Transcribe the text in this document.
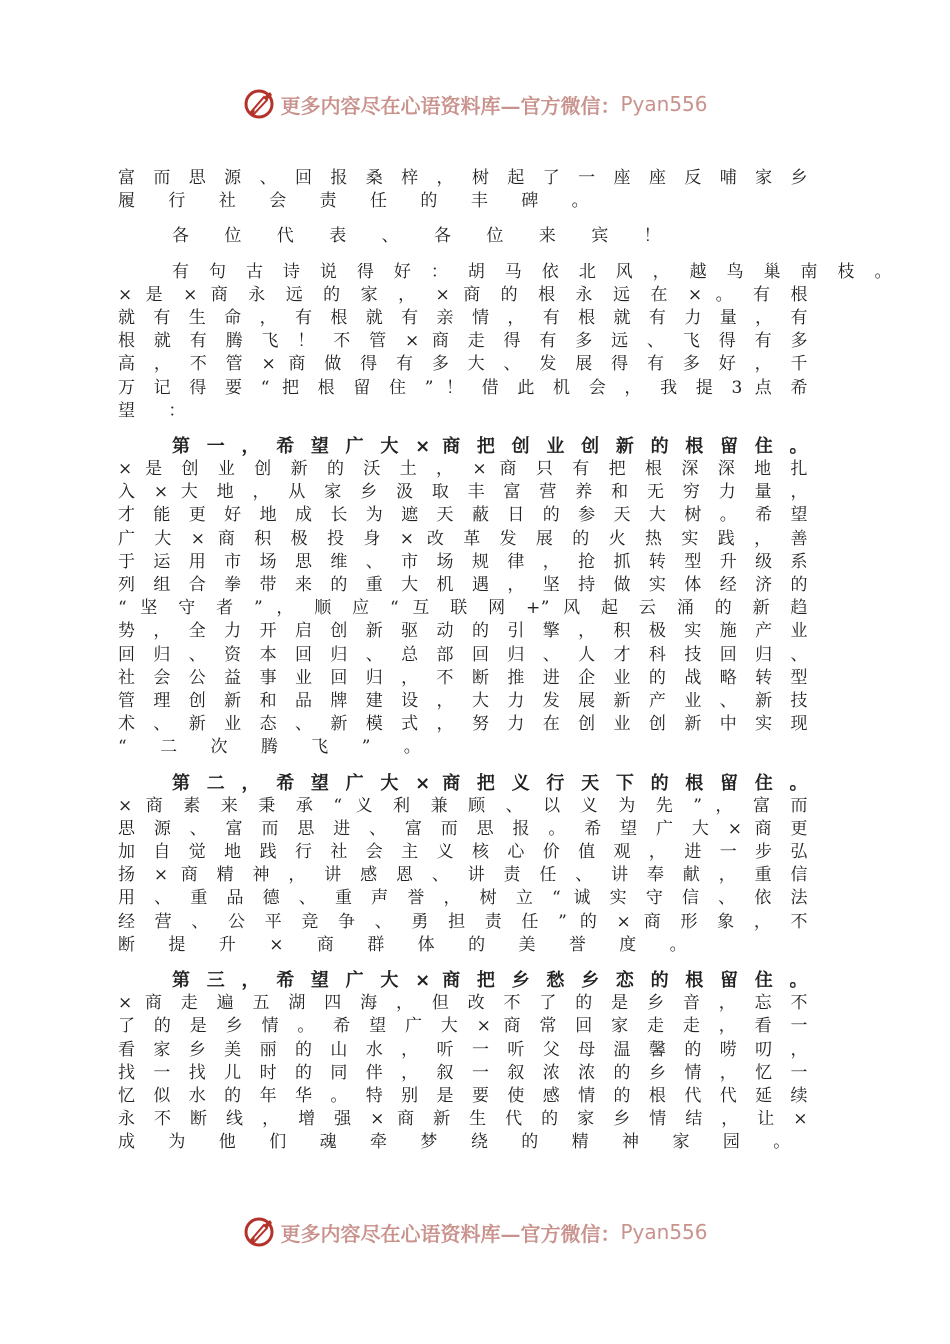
更多内容尽在心语资料库—官方微信： Pyan556
富 而 思 源 、 回 报 桑 梓 ， 树 起 了 一 座 座 反 哺 家 乡
履 行 社 会 责 任 的 丰 碑 。
各 位 代 表 、 各 位 来 宾 ！
有 句 古 诗 说 得 好 ： 胡 马 依 北 风 ， 越 鸟 巢 南 枝 。
× 是 × 商 永 远 的 家 ， × 商 的 根 永 远 在 × 。 有 根
就 有 生 命 ， 有 根 就 有 亲 情 ， 有 根 就 有 力 量 ， 有
根 就 有 腾 飞 ！ 不 管 × 商 走 得 有 多 远 、 飞 得 有 多
高 ， 不 管 × 商 做 得 有 多 大 、 发 展 得 有 多 好 ， 千
万 记 得 要 “ 把 根 留 住 ” ！ 借 此 机 会 ， 我 提 3 点 希
望 ：
第 一 ， 希 望 广 大 × 商 把 创 业 创 新 的 根 留 住 。
× 是 创 业 创 新 的 沃 土 ， × 商 只 有 把 根 深 深 地 扎
入 × 大 地 ， 从 家 乡 汲 取 丰 富 营 养 和 无 穷 力 量 ，
才 能 更 好 地 成 长 为 遮 天 蔽 日 的 参 天 大 树 。 希 望
广 大 × 商 积 极 投 身 × 改 革 发 展 的 火 热 实 践 ， 善
于 运 用 市 场 思 维 、 市 场 规 律 ， 抢 抓 转 型 升 级 系
列 组 合 拳 带 来 的 重 大 机 遇 ， 坚 持 做 实 体 经 济 的
“ 坚 守 者 ” ， 顺 应 “ 互 联 网 +” 风 起 云 涌 的 新 趋
势 ， 全 力 开 启 创 新 驱 动 的 引 擎 ， 积 极 实 施 产 业
回 归 、 资 本 回 归 、 总 部 回 归 、 人 才 科 技 回 归 、
社 会 公 益 事 业 回 归 ， 不 断 推 进 企 业 的 战 略 转 型
管 理 创 新 和 品 牌 建 设 ， 大 力 发 展 新 产 业 、 新 技
术 、 新 业 态 、 新 模 式 ， 努 力 在 创 业 创 新 中 实 现
“ 二 次 腾 飞 ” 。
第 二 ， 希 望 广 大 × 商 把 义 行 天 下 的 根 留 住 。
× 商 素 来 秉 承 “ 义 利 兼 顾 、 以 义 为 先 ” ， 富 而
思 源 、 富 而 思 进 、 富 而 思 报 。 希 望 广 大 × 商 更
加 自 觉 地 践 行 社 会 主 义 核 心 价 值 观 ， 进 一 步 弘
扬 × 商 精 神 ， 讲 感 恩 、 讲 责 任 、 讲 奉 献 ， 重 信
用 、 重 品 德 、 重 声 誉 ， 树 立 “ 诚 实 守 信 、 依 法
经 营 、 公 平 竞 争 、 勇 担 责 任 ” 的 × 商 形 象 ， 不
断 提 升 × 商 群 体 的 美 誉 度 。
第 三 ， 希 望 广 大 × 商 把 乡 愁 乡 恋 的 根 留 住 。
× 商 走 遍 五 湖 四 海 ， 但 改 不 了 的 是 乡 音 ， 忘 不
了 的 是 乡 情 。 希 望 广 大 × 商 常 回 家 走 走 ， 看 一
看 家 乡 美 丽 的 山 水 ， 听 一 听 父 母 温 馨 的 唠 叨 ，
找 一 找 儿 时 的 同 伴 ， 叙 一 叙 浓 浓 的 乡 情 ， 忆 一
忆 似 水 的 年 华 。 特 别 是 要 使 感 情 的 根 代 代 延 续
永 不 断 线 ， 增 强 × 商 新 生 代 的 家 乡 情 结 ， 让 ×
成 为 他 们 魂 牵 梦 绕 的 精 神 家 园 。
更多内容尽在心语资料库—官方微信： Pyan556
